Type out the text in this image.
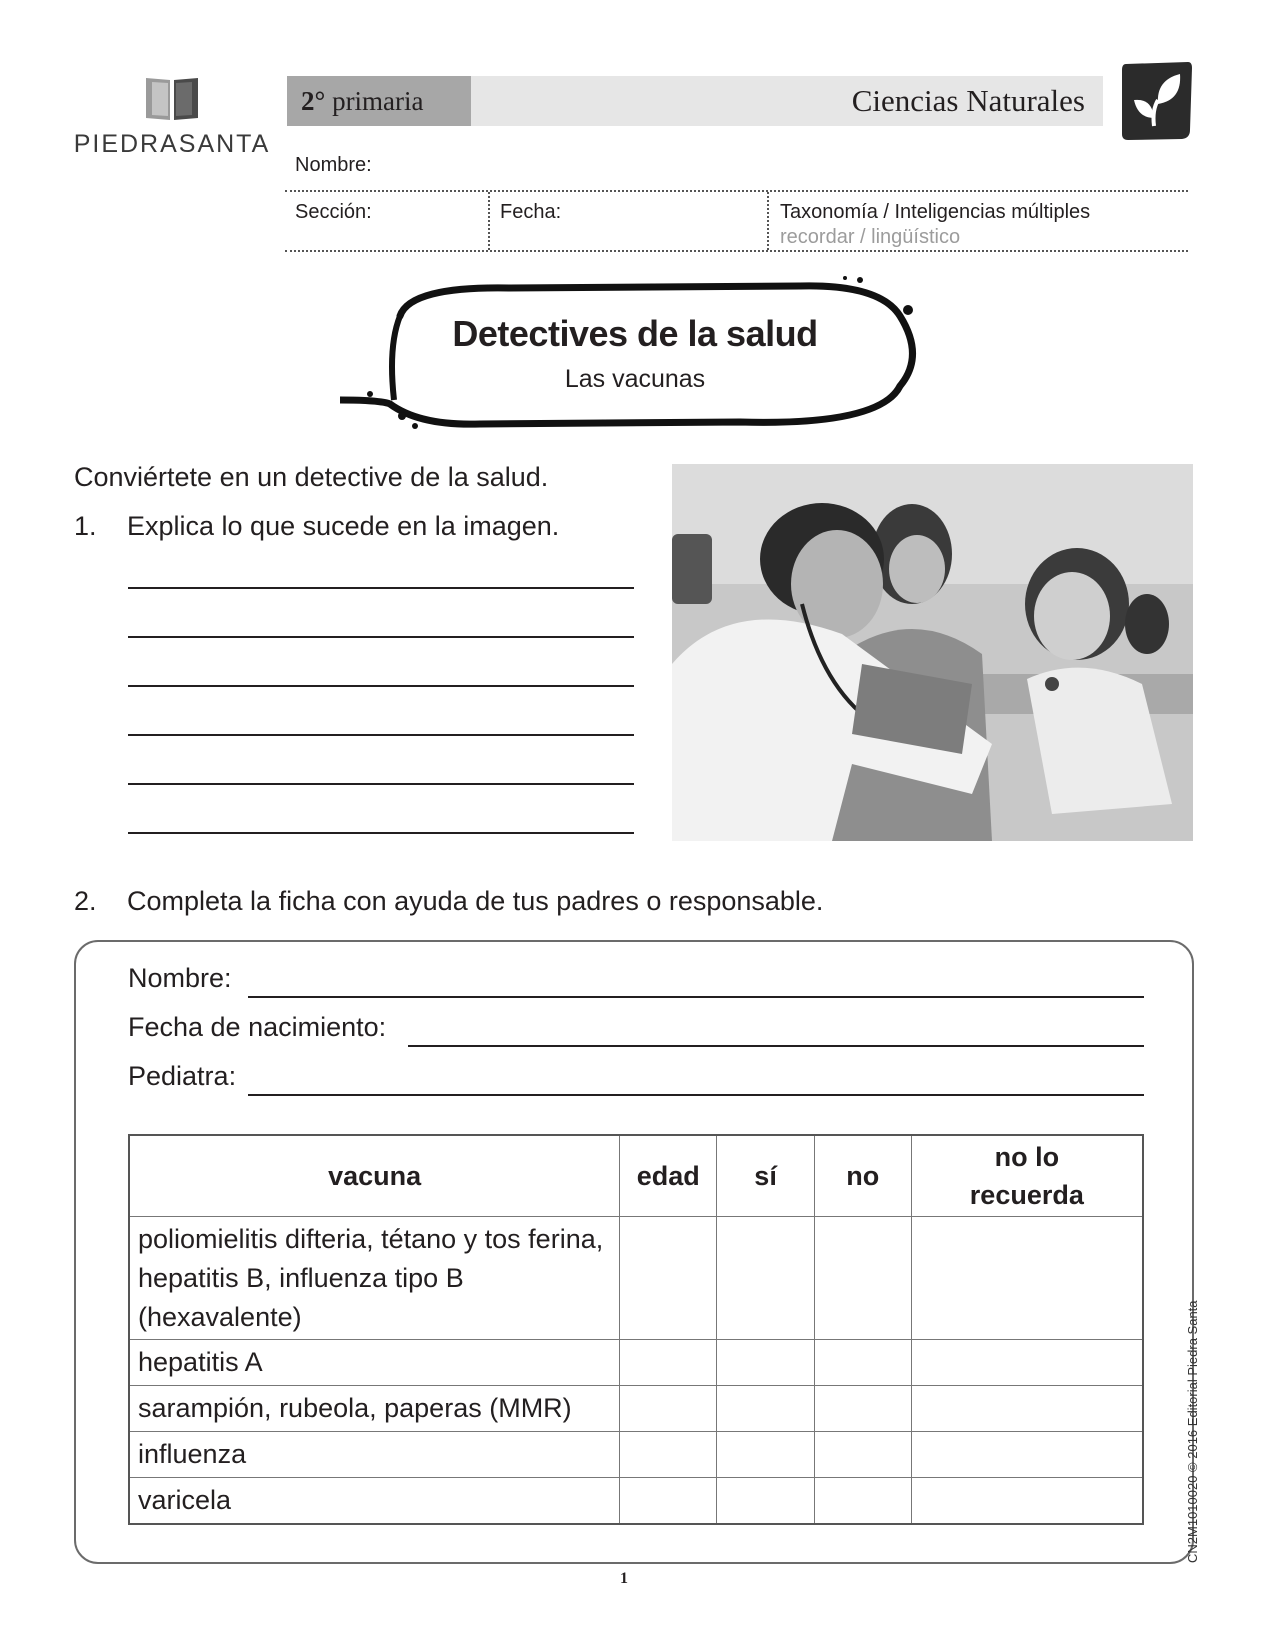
PIEDRASANTA
2° primaria	Ciencias Naturales
Nombre:
Sección:	Fecha:	Taxonomía / Inteligencias múltiples
recordar / lingüístico
Detectives de la salud
Las vacunas
Conviértete en un detective de la salud.
1. Explica lo que sucede en la imagen.
2. Completa la ficha con ayuda de tus padres o responsable.
Nombre:
Fecha de nacimiento:
Pediatra:
vacuna	edad	sí	no	no lo recuerda
poliomielitis difteria, tétano y tos ferina, hepatitis B, influenza tipo B (hexavalente)				
hepatitis A				
sarampión, rubeola, paperas (MMR)				
influenza				
varicela				
1
CN2M1010020 © 2016 Editorial Piedra Santa
